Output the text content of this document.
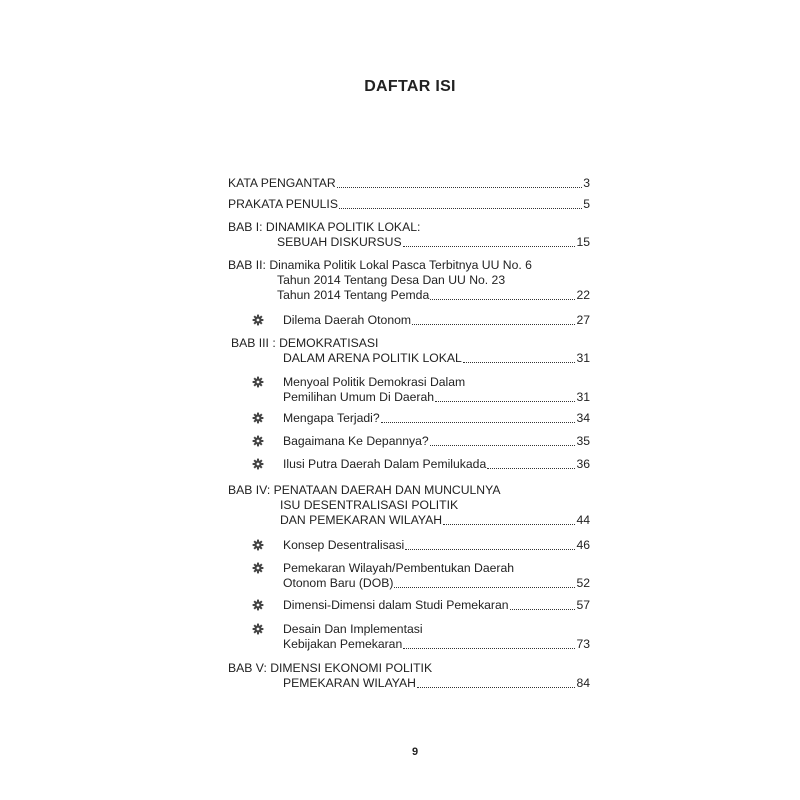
DAFTAR ISI
KATA PENGANTAR	3
PRAKATA PENULIS	5
BAB I: DINAMIKA POLITIK LOKAL:
SEBUAH DISKURSUS	15
BAB II: Dinamika Politik Lokal Pasca Terbitnya UU No. 6
Tahun 2014 Tentang Desa Dan UU No. 23
Tahun 2014 Tentang Pemda	22
Dilema Daerah Otonom	27
BAB III : DEMOKRATISASI
DALAM ARENA POLITIK LOKAL	31
Menyoal Politik Demokrasi Dalam
Pemilihan Umum Di Daerah	31
Mengapa Terjadi?	34
Bagaimana Ke Depannya?	35
Ilusi Putra Daerah Dalam Pemilukada	36
BAB IV: PENATAAN DAERAH DAN MUNCULNYA
ISU DESENTRALISASI POLITIK
DAN PEMEKARAN WILAYAH	44
Konsep Desentralisasi	46
Pemekaran Wilayah/Pembentukan Daerah
Otonom Baru (DOB)	52
Dimensi-Dimensi dalam Studi Pemekaran	57
Desain Dan Implementasi
Kebijakan Pemekaran	73
BAB V: DIMENSI EKONOMI POLITIK
PEMEKARAN WILAYAH	84
9
